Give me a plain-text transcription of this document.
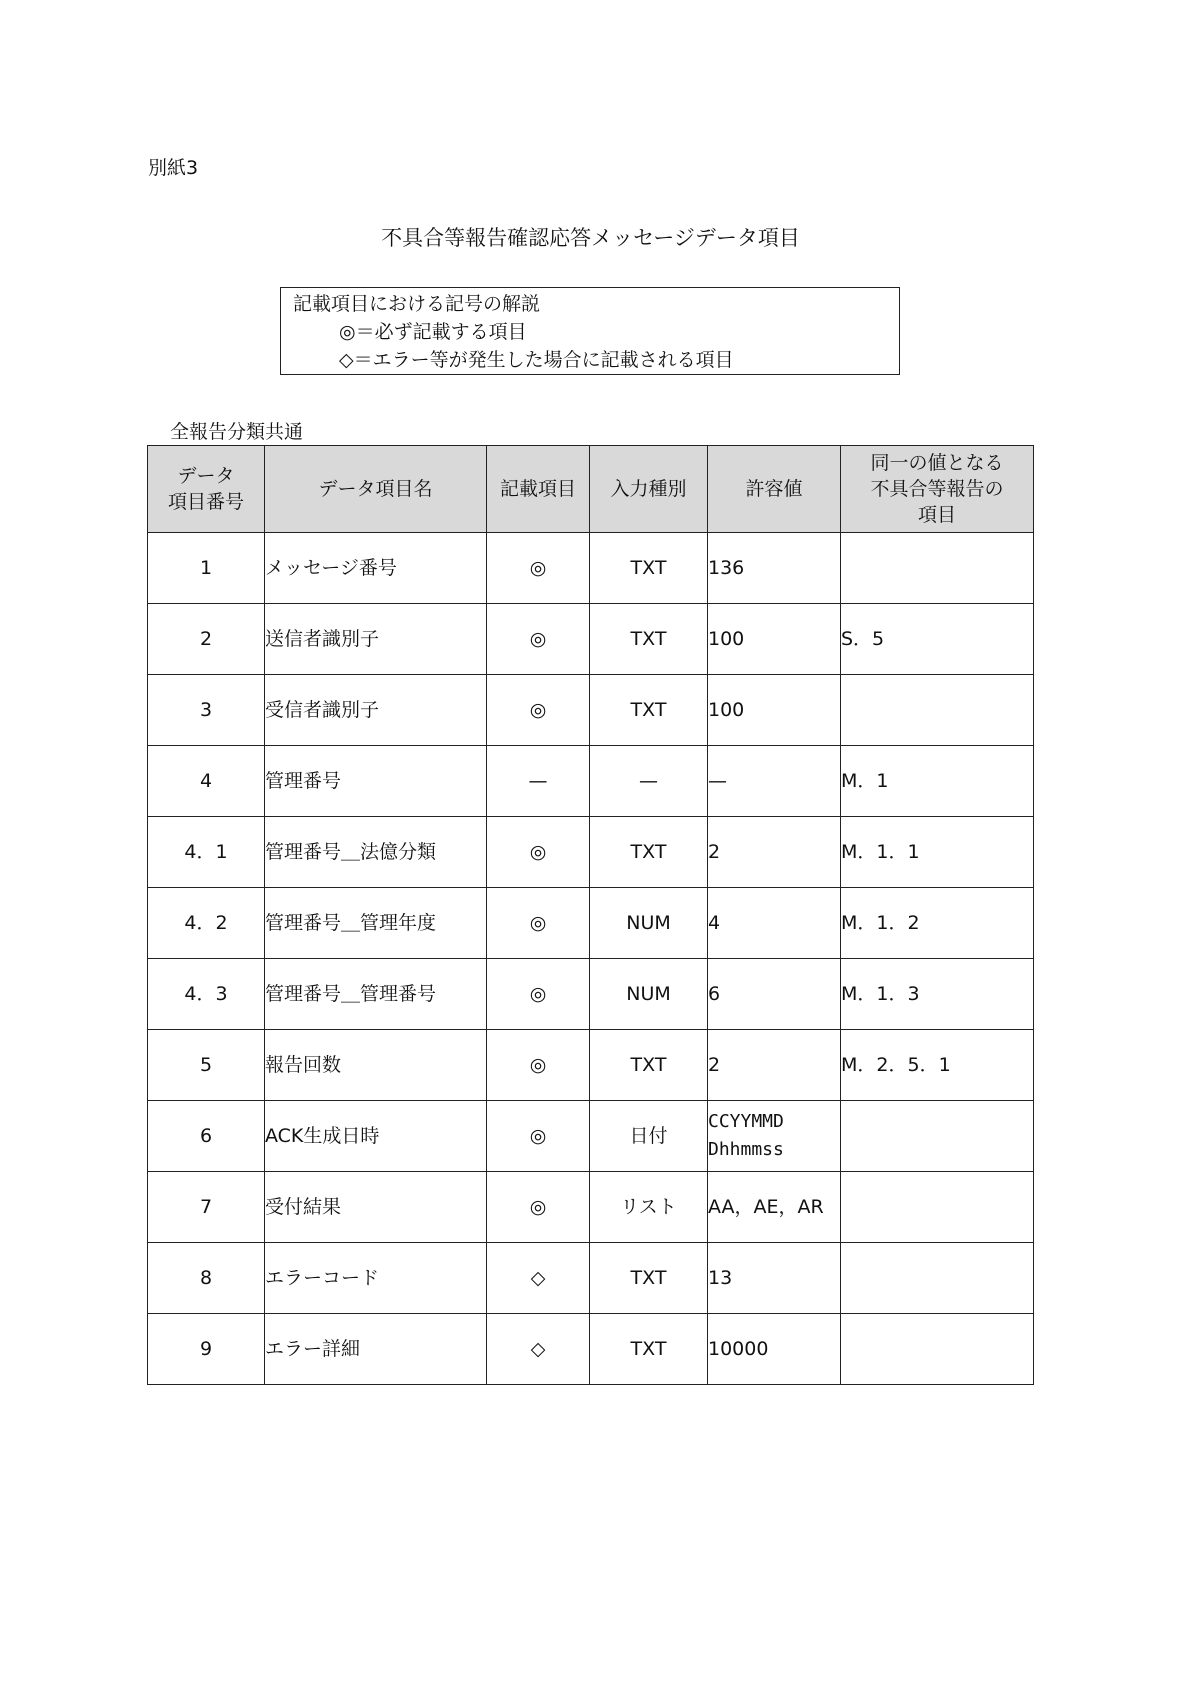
別紙3
不具合等報告確認応答メッセージデータ項目
記載項目における記号の解説
◎＝必ず記載する項目
◇＝エラー等が発生した場合に記載される項目
全報告分類共通
データ
項目番号	データ項目名	記載項目	入力種別	許容値	同一の値となる
不具合等報告の
項目
1	メッセージ番号	◎	TXT	136	
2	送信者識別子	◎	TXT	100	S．5
3	受信者識別子	◎	TXT	100	
4	管理番号	—	—	—	M．1
4．1	管理番号＿法億分類	◎	TXT	2	M．1．1
4．2	管理番号＿管理年度	◎	NUM	4	M．1．2
4．3	管理番号＿管理番号	◎	NUM	6	M．1．3
5	報告回数	◎	TXT	2	M．2．5．1
6	ACK生成日時	◎	日付	CCYYMMD
Dhhmmss	
7	受付結果	◎	リスト	AA，AE，AR	
8	エラーコード	◇	TXT	13	
9	エラー詳細	◇	TXT	10000	
